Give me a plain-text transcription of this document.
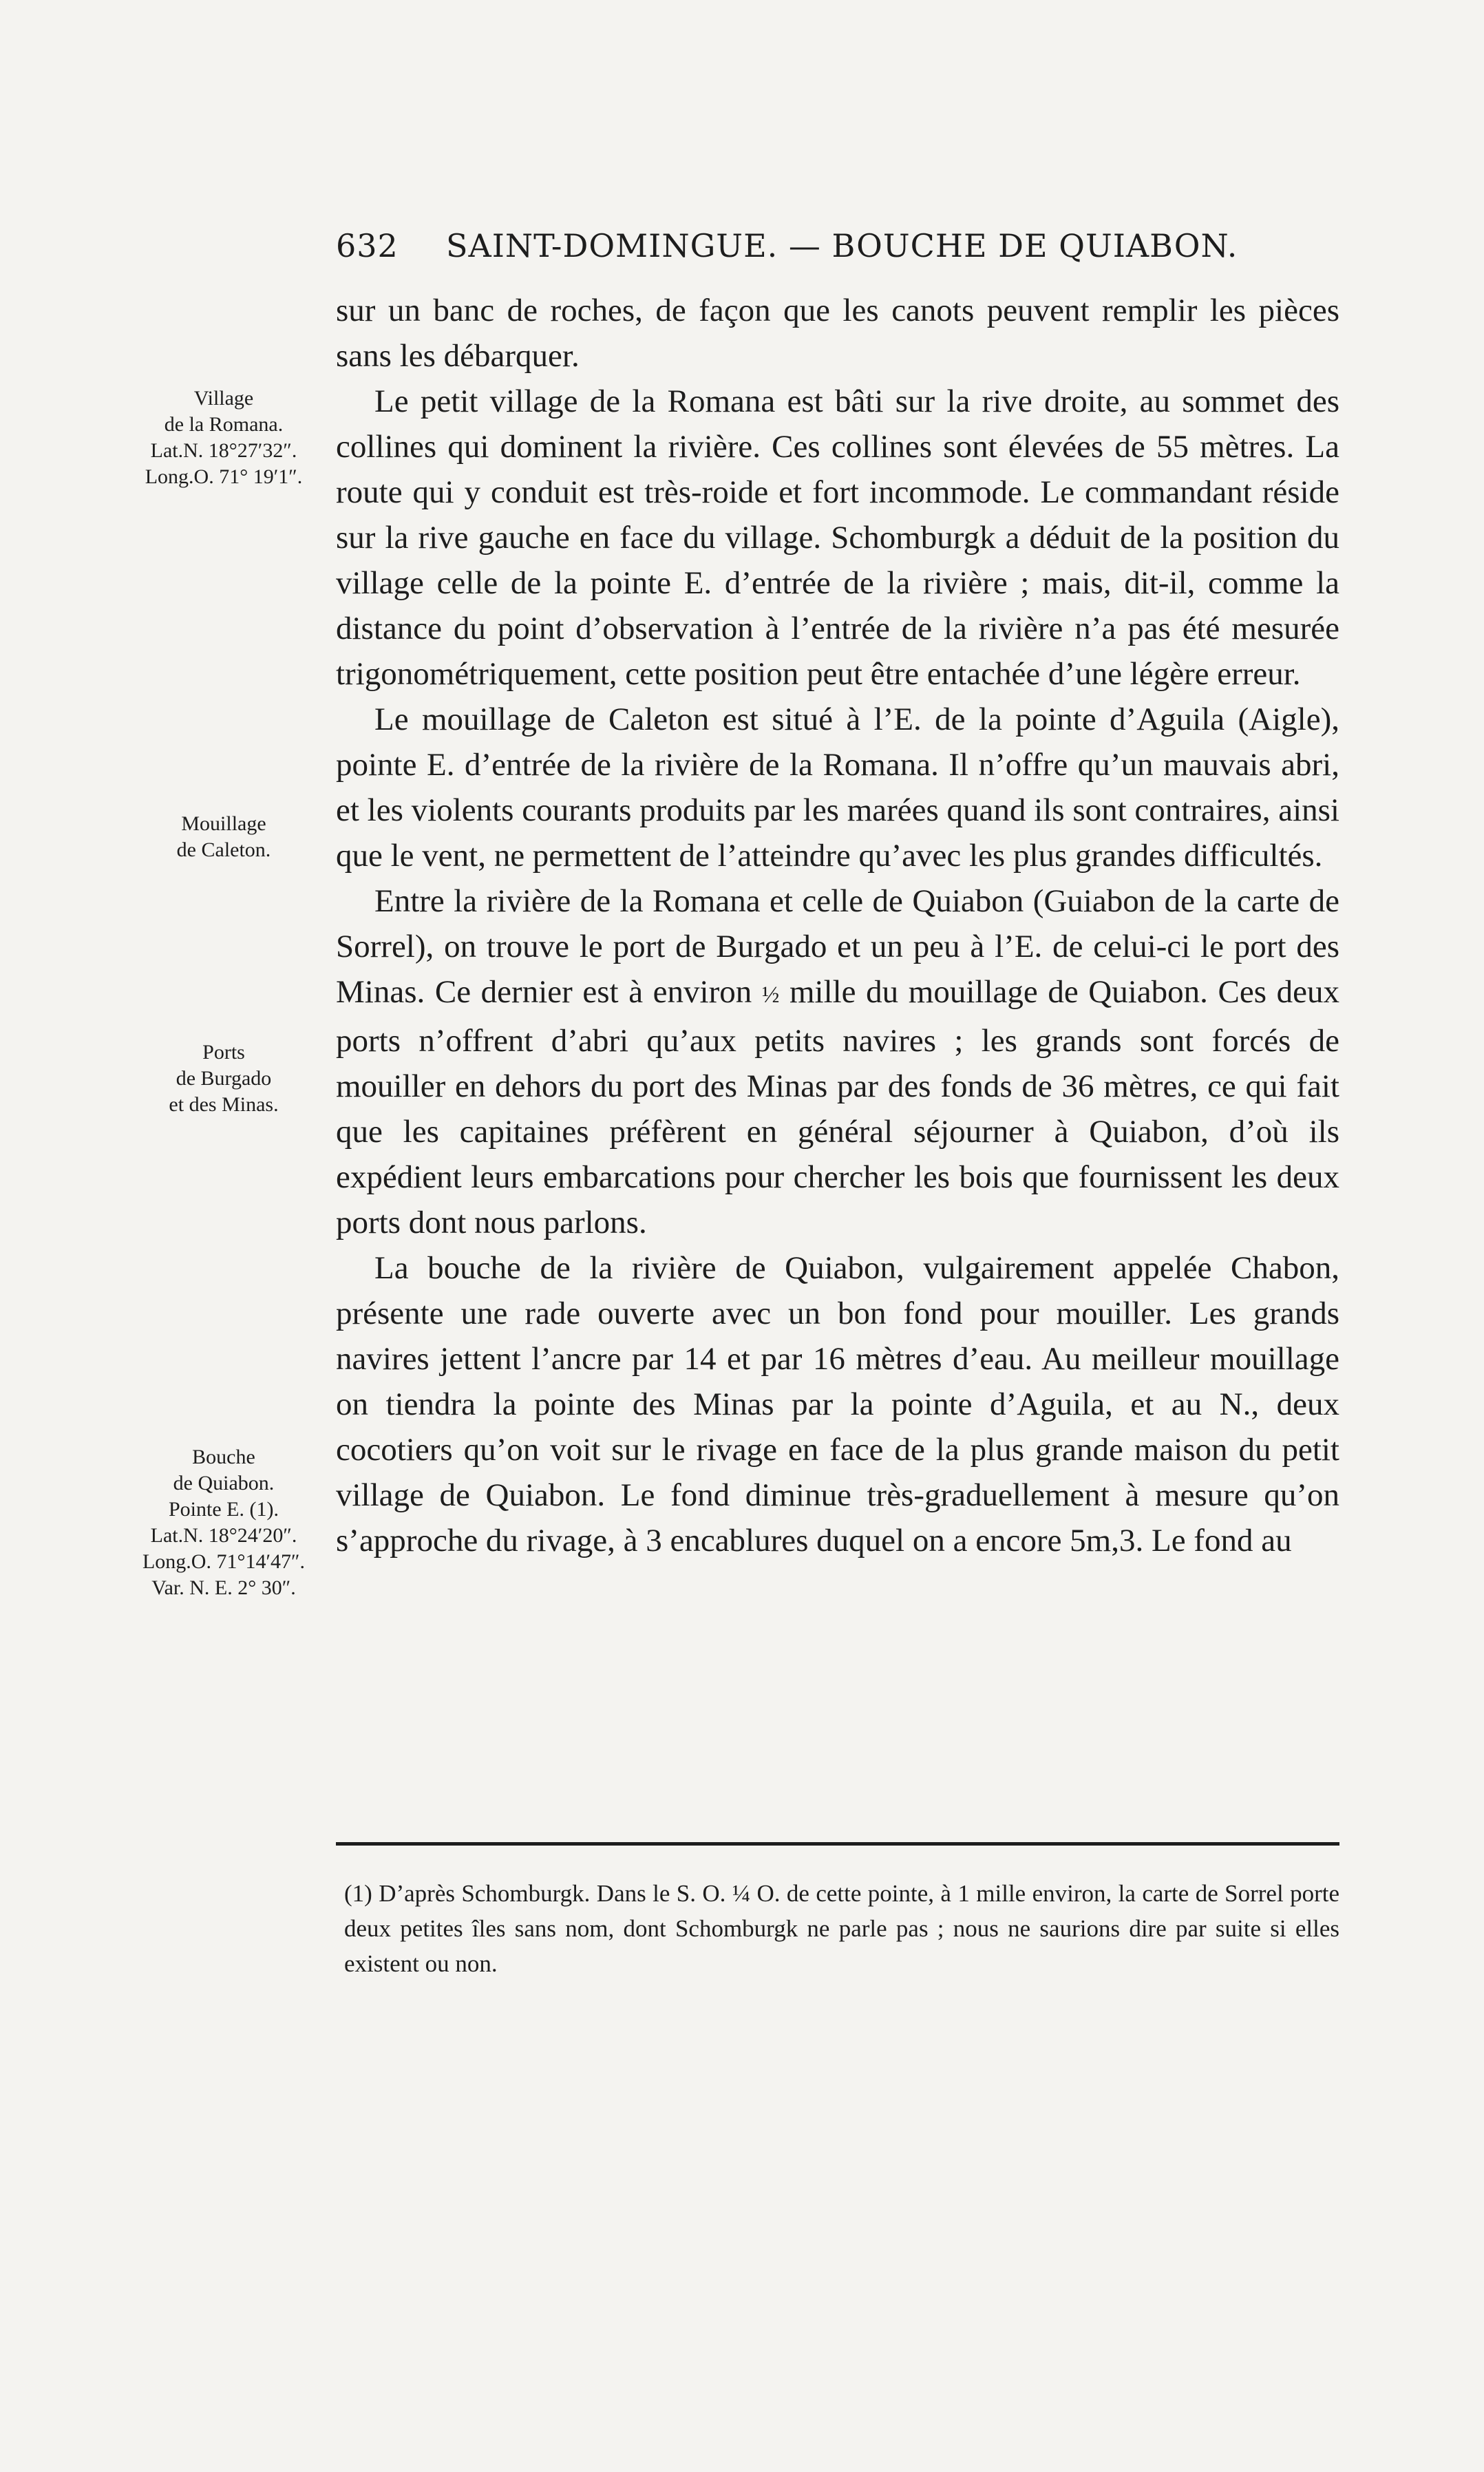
632 SAINT-DOMINGUE. — BOUCHE DE QUIABON.
Village
de la Romana.
Lat.N. 18°27′32″.
Long.O. 71° 19′1″.
Mouillage
de Caleton.
Ports
de Burgado
et des Minas.
Bouche
de Quiabon.
Pointe E. (1).
Lat.N. 18°24′20″.
Long.O. 71°14′47″.
Var. N. E. 2° 30″.

sur un banc de roches, de façon que les canots peuvent remplir les pièces sans les débarquer.

Le petit village de la Romana est bâti sur la rive droite, au sommet des collines qui dominent la rivière. Ces collines sont élevées de 55 mètres. La route qui y conduit est très-roide et fort incommode. Le commandant réside sur la rive gauche en face du village. Schomburgk a déduit de la position du village celle de la pointe E. d’entrée de la rivière ; mais, dit-il, comme la distance du point d’observation à l’entrée de la rivière n’a pas été mesurée trigonométriquement, cette position peut être entachée d’une légère erreur.

Le mouillage de Caleton est situé à l’E. de la pointe d’Aguila (Aigle), pointe E. d’entrée de la rivière de la Romana. Il n’offre qu’un mauvais abri, et les violents courants produits par les marées quand ils sont contraires, ainsi que le vent, ne permettent de l’atteindre qu’avec les plus grandes difficultés.

Entre la rivière de la Romana et celle de Quiabon (Guiabon de la carte de Sorrel), on trouve le port de Burgado et un peu à l’E. de celui-ci le port des Minas. Ce dernier est à environ ½ mille du mouillage de Quiabon. Ces deux ports n’offrent d’abri qu’aux petits navires ; les grands sont forcés de mouiller en dehors du port des Minas par des fonds de 36 mètres, ce qui fait que les capitaines préfèrent en général séjourner à Quiabon, d’où ils expédient leurs embarcations pour chercher les bois que fournissent les deux ports dont nous parlons.

La bouche de la rivière de Quiabon, vulgairement appelée Chabon, présente une rade ouverte avec un bon fond pour mouiller. Les grands navires jettent l’ancre par 14 et par 16 mètres d’eau. Au meilleur mouillage on tiendra la pointe des Minas par la pointe d’Aguila, et au N., deux cocotiers qu’on voit sur le rivage en face de la plus grande maison du petit village de Quiabon. Le fond diminue très-graduellement à mesure qu’on s’approche du rivage, à 3 encablures duquel on a encore 5m,3. Le fond au

(1) D’après Schomburgk. Dans le S. O. ¼ O. de cette pointe, à 1 mille environ, la carte de Sorrel porte deux petites îles sans nom, dont Schomburgk ne parle pas ; nous ne saurions dire par suite si elles existent ou non.
